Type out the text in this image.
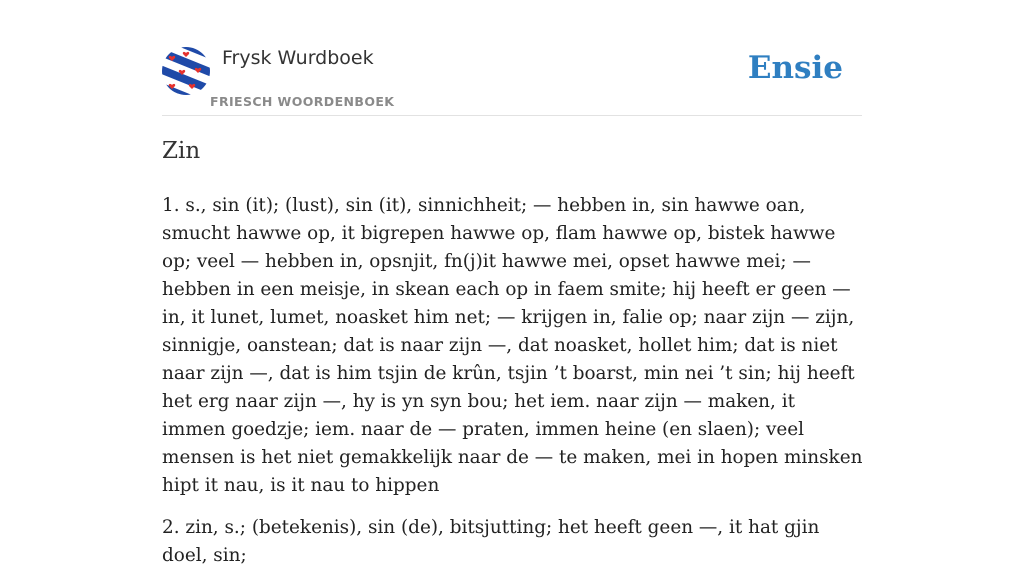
Frysk Wurdboek
FRIESCH WOORDENBOEK
Ensie
Zin

1. s., sin (it); (lust), sin (it), sinnichheit; — hebben in, sin hawwe oan, smucht hawwe op, it bigrepen hawwe op, flam hawwe op, bistek hawwe op; veel — hebben in, opsnjit, fn(j)it hawwe mei, opset hawwe mei; — hebben in een meisje, in skean each op in faem smite; hij heeft er geen — in, it lunet, lumet, noasket him net; — krijgen in, falie op; naar zijn — zijn, sinnigje, oanstean; dat is naar zijn —, dat noasket, hollet him; dat is niet naar zijn —, dat is him tsjin de krûn, tsjin ’t boarst, min nei ’t sin; hij heeft het erg naar zijn —, hy is yn syn bou; het iem. naar zijn — maken, it immen goedzje; iem. naar de — praten, immen heine (en slaen); veel mensen is het niet gemakkelijk naar de — te maken, mei in hopen minsken hipt it nau, is it nau to hippen

2. zin, s.; (betekenis), sin (de), bitsjutting; het heeft geen —, it hat gjin doel, sin;
